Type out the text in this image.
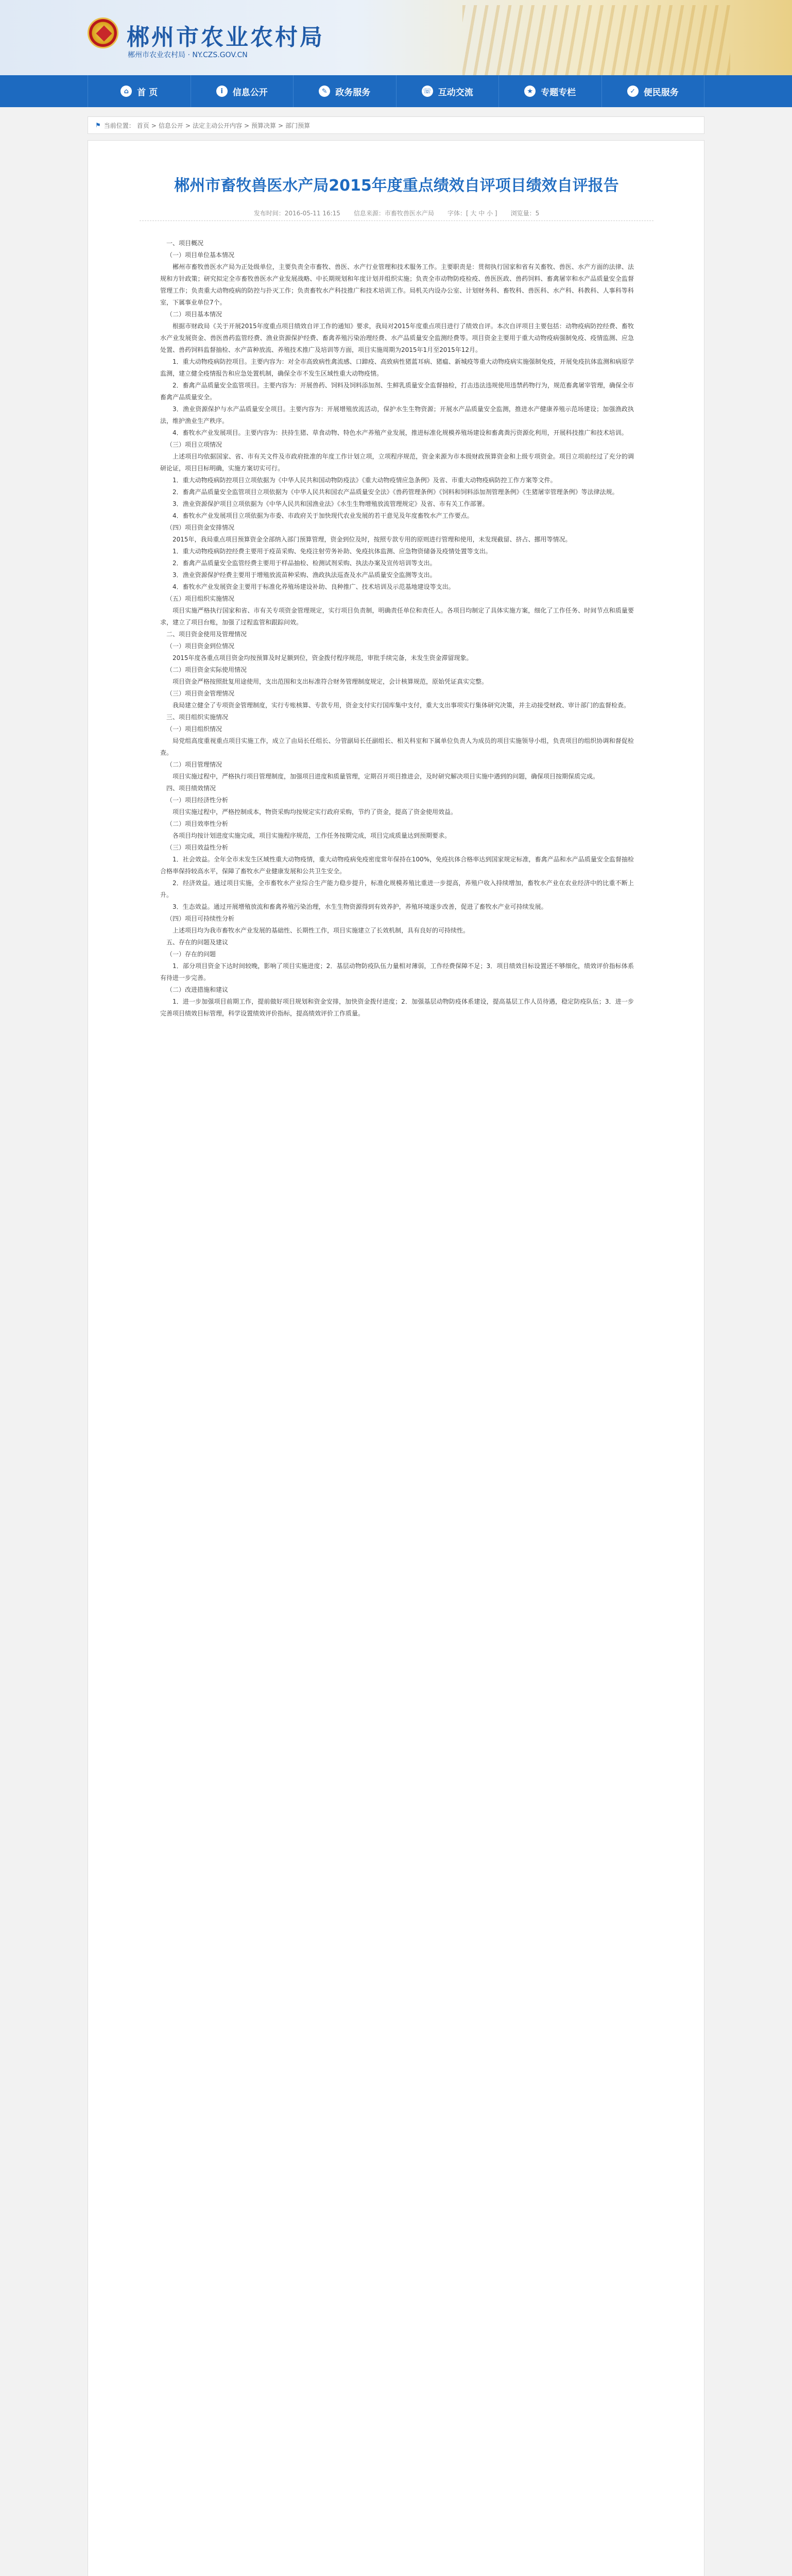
郴州市农业农村局
郴州市农业农村局 · NY.CZS.GOV.CN
⌂ 首 页	i	信息公开	✎ 政务服务	☏ 互动交流	★ 专题专栏	✓ 便民服务
⚑ 当前位置： 首页 > 信息公开 > 法定主动公开内容 > 预算决算 > 部门预算
郴州市畜牧兽医水产局2015年度重点绩效自评项目绩效自评报告
发布时间：2016-05-11 16:15 信息来源：市畜牧兽医水产局 字体：[ 大 中 小 ] 浏览量：5

一、项目概况

（一）项目单位基本情况

郴州市畜牧兽医水产局为正处级单位，主要负责全市畜牧、兽医、水产行业管理和技术服务工作。主要职责是：贯彻执行国家和省有关畜牧、兽医、水产方面的法律、法规和方针政策；研究拟定全市畜牧兽医水产业发展战略、中长期规划和年度计划并组织实施；负责全市动物防疫检疫、兽医医政、兽药饲料、畜禽屠宰和水产品质量安全监督管理工作；负责重大动物疫病的防控与扑灭工作；负责畜牧水产科技推广和技术培训工作。局机关内设办公室、计划财务科、畜牧科、兽医科、水产科、科教科、人事科等科室，下属事业单位7个。

（二）项目基本情况

根据市财政局《关于开展2015年度重点项目绩效自评工作的通知》要求，我局对2015年度重点项目进行了绩效自评。本次自评项目主要包括：动物疫病防控经费、畜牧水产业发展资金、兽医兽药监管经费、渔业资源保护经费、畜禽养殖污染治理经费、水产品质量安全监测经费等。项目资金主要用于重大动物疫病强制免疫、疫情监测、应急处置、兽药饲料监督抽检、水产苗种放流、养殖技术推广及培训等方面，项目实施周期为2015年1月至2015年12月。

1．重大动物疫病防控项目。主要内容为：对全市高致病性禽流感、口蹄疫、高致病性猪蓝耳病、猪瘟、新城疫等重大动物疫病实施强制免疫，开展免疫抗体监测和病原学监测，建立健全疫情报告和应急处置机制，确保全市不发生区域性重大动物疫情。

2．畜禽产品质量安全监管项目。主要内容为：开展兽药、饲料及饲料添加剂、生鲜乳质量安全监督抽检，打击违法违规使用违禁药物行为，规范畜禽屠宰管理，确保全市畜禽产品质量安全。

3．渔业资源保护与水产品质量安全项目。主要内容为：开展增殖放流活动，保护水生生物资源；开展水产品质量安全监测，推进水产健康养殖示范场建设；加强渔政执法，维护渔业生产秩序。

4．畜牧水产业发展项目。主要内容为：扶持生猪、草食动物、特色水产养殖产业发展，推进标准化规模养殖场建设和畜禽粪污资源化利用，开展科技推广和技术培训。

（三）项目立项情况

上述项目均依据国家、省、市有关文件及市政府批准的年度工作计划立项，立项程序规范，资金来源为市本级财政预算资金和上级专项资金。项目立项前经过了充分的调研论证，项目目标明确，实施方案切实可行。

1．重大动物疫病防控项目立项依据为《中华人民共和国动物防疫法》《重大动物疫情应急条例》及省、市重大动物疫病防控工作方案等文件。

2．畜禽产品质量安全监管项目立项依据为《中华人民共和国农产品质量安全法》《兽药管理条例》《饲料和饲料添加剂管理条例》《生猪屠宰管理条例》等法律法规。

3．渔业资源保护项目立项依据为《中华人民共和国渔业法》《水生生物增殖放流管理规定》及省、市有关工作部署。

4．畜牧水产业发展项目立项依据为市委、市政府关于加快现代农业发展的若干意见及年度畜牧水产工作要点。

（四）项目资金安排情况

2015年，我局重点项目预算资金全部纳入部门预算管理，资金到位及时，按照专款专用的原则进行管理和使用，未发现截留、挤占、挪用等情况。

1．重大动物疫病防控经费主要用于疫苗采购、免疫注射劳务补助、免疫抗体监测、应急物资储备及疫情处置等支出。

2．畜禽产品质量安全监管经费主要用于样品抽检、检测试剂采购、执法办案及宣传培训等支出。

3．渔业资源保护经费主要用于增殖放流苗种采购、渔政执法巡查及水产品质量安全监测等支出。

4．畜牧水产业发展资金主要用于标准化养殖场建设补助、良种推广、技术培训及示范基地建设等支出。

（五）项目组织实施情况

项目实施严格执行国家和省、市有关专项资金管理规定，实行项目负责制，明确责任单位和责任人。各项目均制定了具体实施方案，细化了工作任务、时间节点和质量要求，建立了项目台账，加强了过程监管和跟踪问效。

二、项目资金使用及管理情况

（一）项目资金到位情况

2015年度各重点项目资金均按预算及时足额到位，资金拨付程序规范，审批手续完备，未发生资金滞留现象。

（二）项目资金实际使用情况

项目资金严格按照批复用途使用，支出范围和支出标准符合财务管理制度规定，会计核算规范，原始凭证真实完整。

（三）项目资金管理情况

我局建立健全了专项资金管理制度，实行专账核算、专款专用，资金支付实行国库集中支付，重大支出事项实行集体研究决策，并主动接受财政、审计部门的监督检查。

三、项目组织实施情况

（一）项目组织情况

局党组高度重视重点项目实施工作，成立了由局长任组长、分管副局长任副组长、相关科室和下属单位负责人为成员的项目实施领导小组，负责项目的组织协调和督促检查。

（二）项目管理情况

项目实施过程中，严格执行项目管理制度，加强项目进度和质量管理，定期召开项目推进会，及时研究解决项目实施中遇到的问题，确保项目按期保质完成。

四、项目绩效情况

（一）项目经济性分析

项目实施过程中，严格控制成本，物资采购均按规定实行政府采购，节约了资金，提高了资金使用效益。

（二）项目效率性分析

各项目均按计划进度实施完成，项目实施程序规范，工作任务按期完成，项目完成质量达到预期要求。

（三）项目效益性分析

1．社会效益。全年全市未发生区域性重大动物疫情，重大动物疫病免疫密度常年保持在100%，免疫抗体合格率达到国家规定标准，畜禽产品和水产品质量安全监督抽检合格率保持较高水平，保障了畜牧水产业健康发展和公共卫生安全。

2．经济效益。通过项目实施，全市畜牧水产业综合生产能力稳步提升，标准化规模养殖比重进一步提高，养殖户收入持续增加，畜牧水产业在农业经济中的比重不断上升。

3．生态效益。通过开展增殖放流和畜禽养殖污染治理，水生生物资源得到有效养护，养殖环境逐步改善，促进了畜牧水产业可持续发展。

（四）项目可持续性分析

上述项目均为我市畜牧水产业发展的基础性、长期性工作，项目实施建立了长效机制，具有良好的可持续性。

五、存在的问题及建议

（一）存在的问题

1．部分项目资金下达时间较晚，影响了项目实施进度；2．基层动物防疫队伍力量相对薄弱，工作经费保障不足；3．项目绩效目标设置还不够细化，绩效评价指标体系有待进一步完善。

（二）改进措施和建议

1．进一步加强项目前期工作，提前做好项目规划和资金安排，加快资金拨付进度；2．加强基层动物防疫体系建设，提高基层工作人员待遇，稳定防疫队伍；3．进一步完善项目绩效目标管理，科学设置绩效评价指标，提高绩效评价工作质量。
